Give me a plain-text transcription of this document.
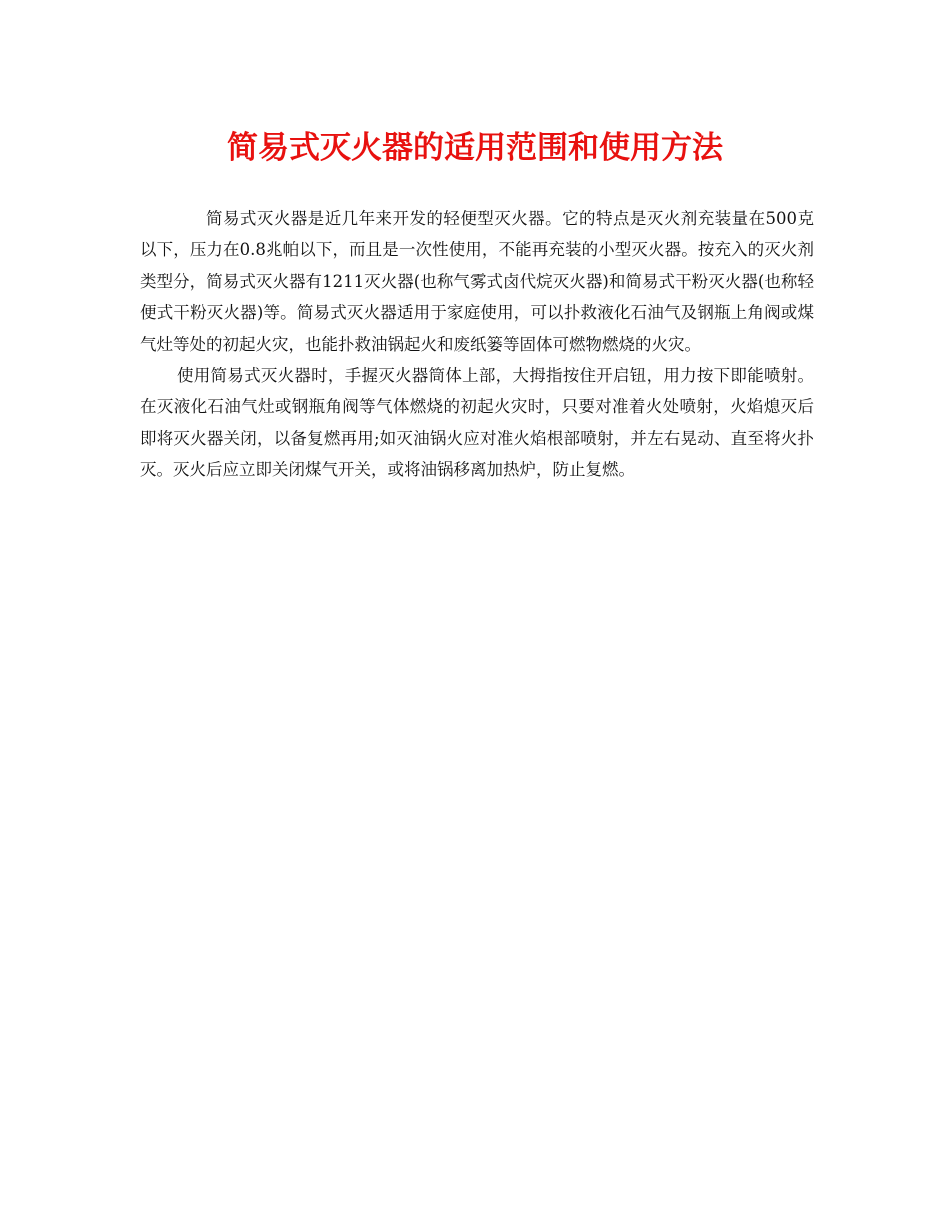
简易式灭火器的适用范围和使用方法

简易式灭火器是近几年来开发的轻便型灭火器。它的特点是灭火剂充装量在500克以下，压力在0.8兆帕以下，而且是一次性使用，不能再充装的小型灭火器。按充入的灭火剂类型分，简易式灭火器有1211灭火器(也称气雾式卤代烷灭火器)和简易式干粉灭火器(也称轻便式干粉灭火器)等。简易式灭火器适用于家庭使用，可以扑救液化石油气及钢瓶上角阀或煤气灶等处的初起火灾，也能扑救油锅起火和废纸篓等固体可燃物燃烧的火灾。

使用简易式灭火器时，手握灭火器筒体上部，大拇指按住开启钮，用力按下即能喷射。在灭液化石油气灶或钢瓶角阀等气体燃烧的初起火灾时，只要对准着火处喷射，火焰熄灭后即将灭火器关闭，以备复燃再用;如灭油锅火应对准火焰根部喷射，并左右晃动、直至将火扑灭。灭火后应立即关闭煤气开关，或将油锅移离加热炉，防止复燃。
